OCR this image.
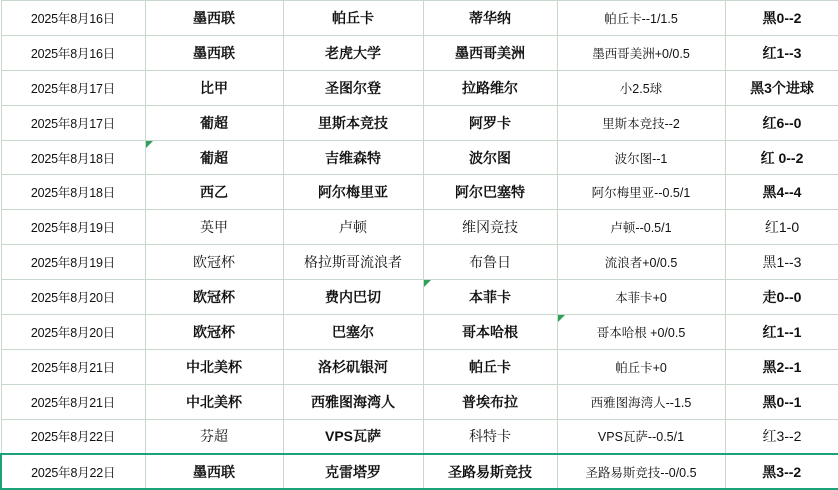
2025年8月16日	墨西联	帕丘卡	蒂华纳	帕丘卡--1/1.5	黑0--2
2025年8月16日	墨西联	老虎大学	墨西哥美洲	墨西哥美洲+0/0.5	红1--3
2025年8月17日	比甲	圣图尔登	拉路维尔	小2.5球	黑3个进球
2025年8月17日	葡超	里斯本竞技	阿罗卡	里斯本竞技--2	红6--0
2025年8月18日	葡超	吉维森特	波尔图	波尔图--1	红 0--2
2025年8月18日	西乙	阿尔梅里亚	阿尔巴塞特	阿尔梅里亚--0.5/1	黑4--4
2025年8月19日	英甲	卢顿	维冈竞技	卢顿--0.5/1	红1-0
2025年8月19日	欧冠杯	格拉斯哥流浪者	布鲁日	流浪者+0/0.5	黑1--3
2025年8月20日	欧冠杯	费内巴切	本菲卡	本菲卡+0	走0--0
2025年8月20日	欧冠杯	巴塞尔	哥本哈根	哥本哈根 +0/0.5	红1--1
2025年8月21日	中北美杯	洛杉矶银河	帕丘卡	帕丘卡+0	黑2--1
2025年8月21日	中北美杯	西雅图海湾人	普埃布拉	西雅图海湾人--1.5	黑0--1
2025年8月22日	芬超	VPS瓦萨	科特卡	VPS瓦萨--0.5/1	红3--2
2025年8月22日	墨西联	克雷塔罗	圣路易斯竞技	圣路易斯竞技--0/0.5	黑3--2
